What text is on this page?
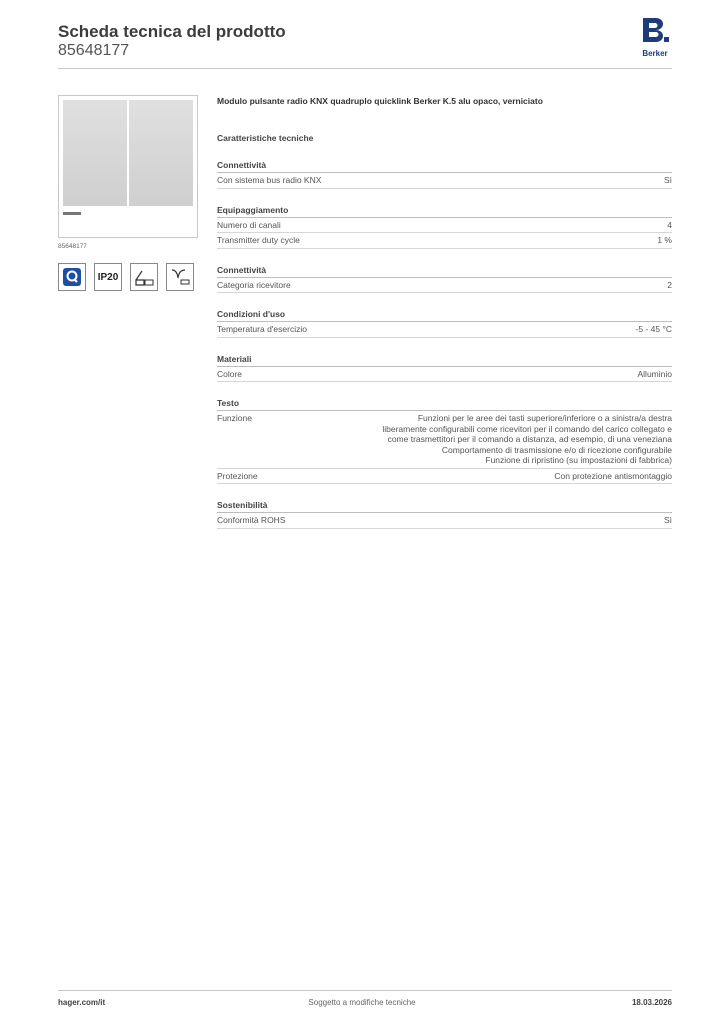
Scheda tecnica del prodotto
85648177	Berker
85648177
IP20
Modulo pulsante radio KNX quadruplo quicklink Berker K.5 alu opaco, verniciato
Caratteristiche tecniche
Connettività
Con sistema bus radio KNX	Sì
Equipaggiamento
Numero di canali	4
Transmitter duty cycle	1 %
Connettività
Categoria ricevitore	2
Condizioni d'uso
Temperatura d'esercizio	-5 - 45 °C
Materiali
Colore	Alluminio
Testo
Funzione	Funzioni per le aree dei tasti superiore/inferiore o a sinistra/a destra
liberamente configurabili come ricevitori per il comando del carico collegato e
come trasmettitori per il comando a distanza, ad esempio, di una veneziana
Comportamento di trasmissione e/o di ricezione configurabile
Funzione di ripristino (su impostazioni di fabbrica)
Protezione	Con protezione antismontaggio
Sostenibilità
Conformità ROHS	Sì
hager.com/it	Soggetto a modifiche tecniche	18.03.2026
